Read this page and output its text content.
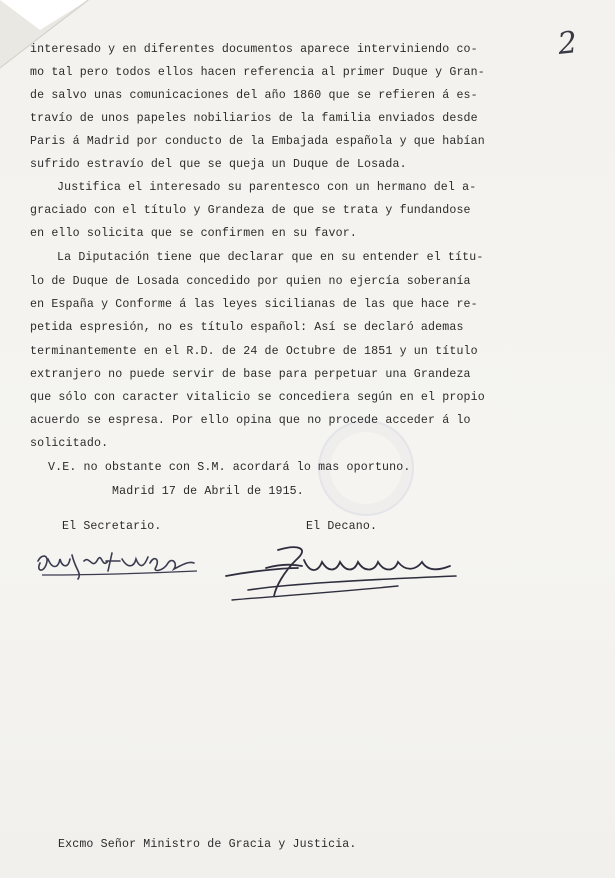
2
interesado y en diferentes documentos aparece interviniendo co-
mo tal pero todos ellos hacen referencia al primer Duque y Gran-
de salvo unas comunicaciones del año 1860 que se refieren á es-
travío de unos papeles nobiliarios de la familia enviados desde
Paris á Madrid por conducto de la Embajada española y que habían
sufrido estravío del que se queja un Duque de Losada.
Justifica el interesado su parentesco con un hermano del a-
graciado con el título y Grandeza de que se trata y fundandose
en ello solicita que se confirmen en su favor.
La Diputación tiene que declarar que en su entender el títu-
lo de Duque de Losada concedido por quien no ejercía soberanía
en España y Conforme á las leyes sicilianas de las que hace re-
petida espresión, no es título español: Así se declaró ademas
terminantemente en el R.D. de 24 de Octubre de 1851 y un título
extranjero no puede servir de base para perpetuar una Grandeza
que sólo con caracter vitalicio se concediera según en el propio
acuerdo se espresa. Por ello opina que no procede acceder á lo
solicitado.
V.E. no obstante con S.M. acordará lo mas oportuno.
Madrid 17 de Abril de 1915.
El Secretario.	El Decano.
Excmo Señor Ministro de Gracia y Justicia.
